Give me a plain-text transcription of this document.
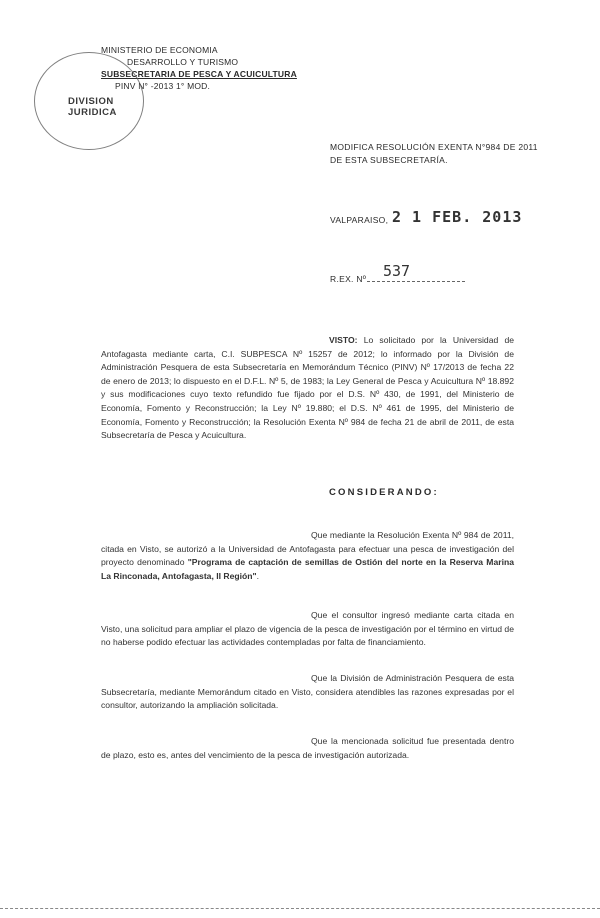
MINISTERIO DE ECONOMIA
DESARROLLO Y TURISMO
SUBSECRETARIA DE PESCA Y ACUICULTURA
PINV N° -2013 1° MOD.
DIVISION
JURIDICA
MODIFICA RESOLUCIÓN EXENTA N°984 DE 2011
DE ESTA SUBSECRETARÍA.
VALPARAISO, 2 1 FEB. 2013
R.EX. Nº 537
VISTO: Lo solicitado por la Universidad de Antofagasta mediante carta, C.I. SUBPESCA Nº 15257 de 2012; lo informado por la División de Administración Pesquera de esta Subsecretaría en Memorándum Técnico (PINV) Nº 17/2013 de fecha 22 de enero de 2013; lo dispuesto en el D.F.L. Nº 5, de 1983; la Ley General de Pesca y Acuicultura Nº 18.892 y sus modificaciones cuyo texto refundido fue fijado por el D.S. Nº 430, de 1991, del Ministerio de Economía, Fomento y Reconstrucción; la Ley Nº 19.880; el D.S. Nº 461 de 1995, del Ministerio de Economía, Fomento y Reconstrucción; la Resolución Exenta Nº 984 de fecha 21 de abril de 2011, de esta Subsecretaría de Pesca y Acuicultura.
CONSIDERANDO:
Que mediante la Resolución Exenta Nº 984 de 2011, citada en Visto, se autorizó a la Universidad de Antofagasta para efectuar una pesca de investigación del proyecto denominado "Programa de captación de semillas de Ostión del norte en la Reserva Marina La Rinconada, Antofagasta, II Región".
Que el consultor ingresó mediante carta citada en Visto, una solicitud para ampliar el plazo de vigencia de la pesca de investigación por el término en virtud de no haberse podido efectuar las actividades contempladas por falta de financiamiento.
Que la División de Administración Pesquera de esta Subsecretaría, mediante Memorándum citado en Visto, considera atendibles las razones expresadas por el consultor, autorizando la ampliación solicitada.
Que la mencionada solicitud fue presentada dentro de plazo, esto es, antes del vencimiento de la pesca de investigación autorizada.
